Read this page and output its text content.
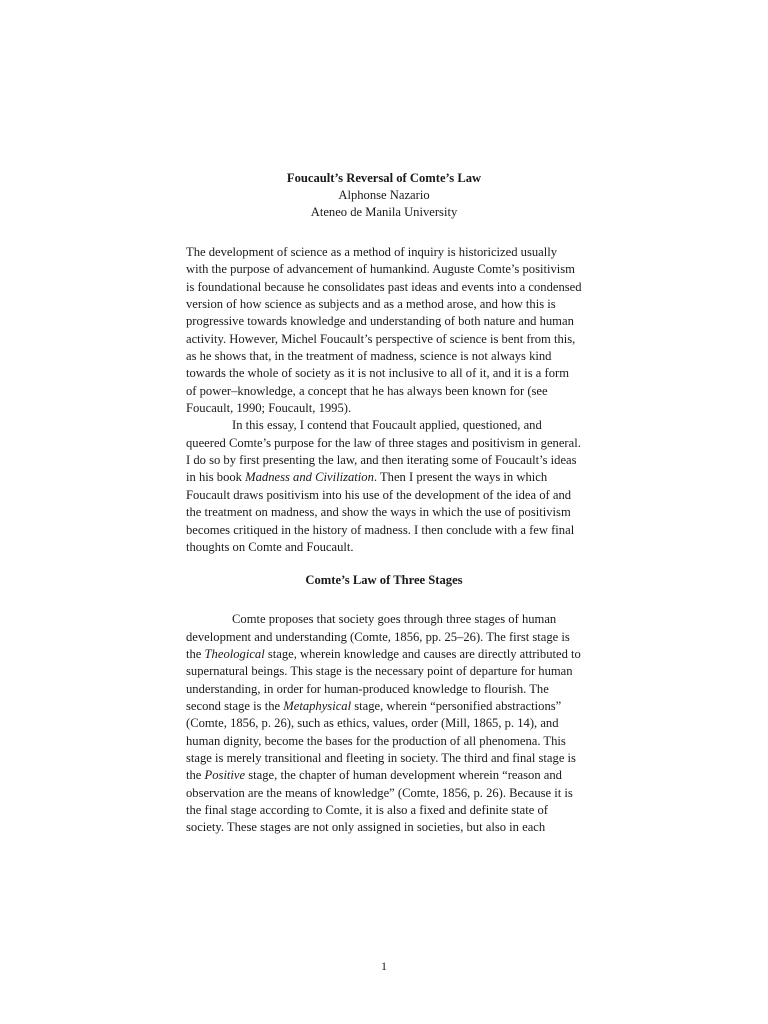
Foucault’s Reversal of Comte’s Law

Alphonse Nazario

Ateneo de Manila University

The development of science as a method of inquiry is historicized usually with the purpose of advancement of humankind. Auguste Comte’s positivism is foundational because he consolidates past ideas and events into a condensed version of how science as subjects and as a method arose, and how this is progressive towards knowledge and understanding of both nature and human activity. However, Michel Foucault’s perspective of science is bent from this, as he shows that, in the treatment of madness, science is not always kind towards the whole of society as it is not inclusive to all of it, and it is a form of power–knowledge, a concept that he has always been known for (see Foucault, 1990; Foucault, 1995).

In this essay, I contend that Foucault applied, questioned, and queered Comte’s purpose for the law of three stages and positivism in general. I do so by first presenting the law, and then iterating some of Foucault’s ideas in his book Madness and Civilization. Then I present the ways in which Foucault draws positivism into his use of the development of the idea of and the treatment on madness, and show the ways in which the use of positivism becomes critiqued in the history of madness. I then conclude with a few final thoughts on Comte and Foucault.

Comte’s Law of Three Stages

Comte proposes that society goes through three stages of human development and understanding (Comte, 1856, pp. 25–26). The first stage is the Theological stage, wherein knowledge and causes are directly attributed to supernatural beings. This stage is the necessary point of departure for human understanding, in order for human-produced knowledge to flourish. The second stage is the Metaphysical stage, wherein “personified abstractions” (Comte, 1856, p. 26), such as ethics, values, order (Mill, 1865, p. 14), and human dignity, become the bases for the production of all phenomena. This stage is merely transitional and fleeting in society. The third and final stage is the Positive stage, the chapter of human development wherein “reason and observation are the means of knowledge” (Comte, 1856, p. 26). Because it is the final stage according to Comte, it is also a fixed and definite state of society. These stages are not only assigned in societies, but also in each

1
